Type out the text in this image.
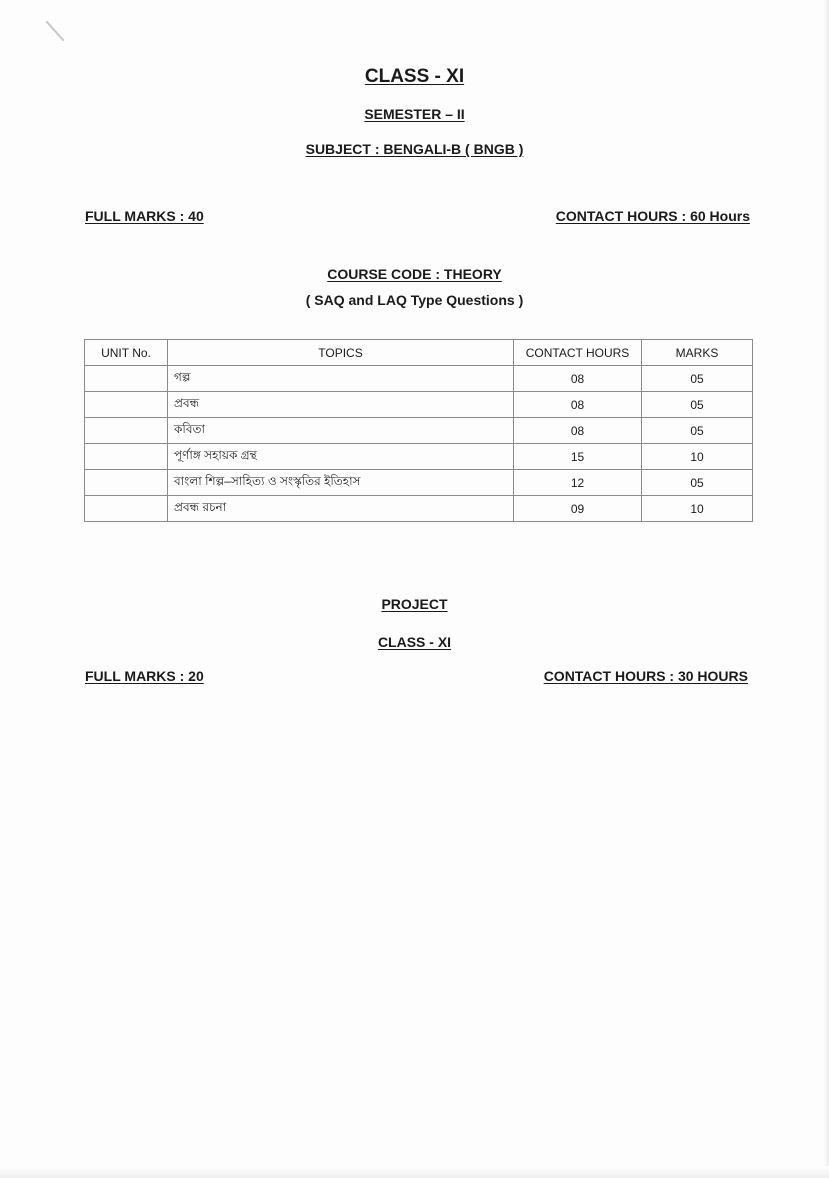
CLASS - XI
SEMESTER – II
SUBJECT : BENGALI-B ( BNGB )
FULL MARKS : 40	CONTACT HOURS : 60 Hours
COURSE CODE : THEORY
( SAQ and LAQ Type Questions )
UNIT No.	TOPICS	CONTACT HOURS	MARKS
	গল্প	08	05
	প্রবন্ধ	08	05
	কবিতা	08	05
	পূর্ণাঙ্গ সহায়ক গ্রন্থ	15	10
	বাংলা শিল্প–সাহিত্য ও সংস্কৃতির ইতিহাস	12	05
	প্রবন্ধ রচনা	09	10
PROJECT
CLASS - XI
FULL MARKS : 20	CONTACT HOURS : 30 HOURS
